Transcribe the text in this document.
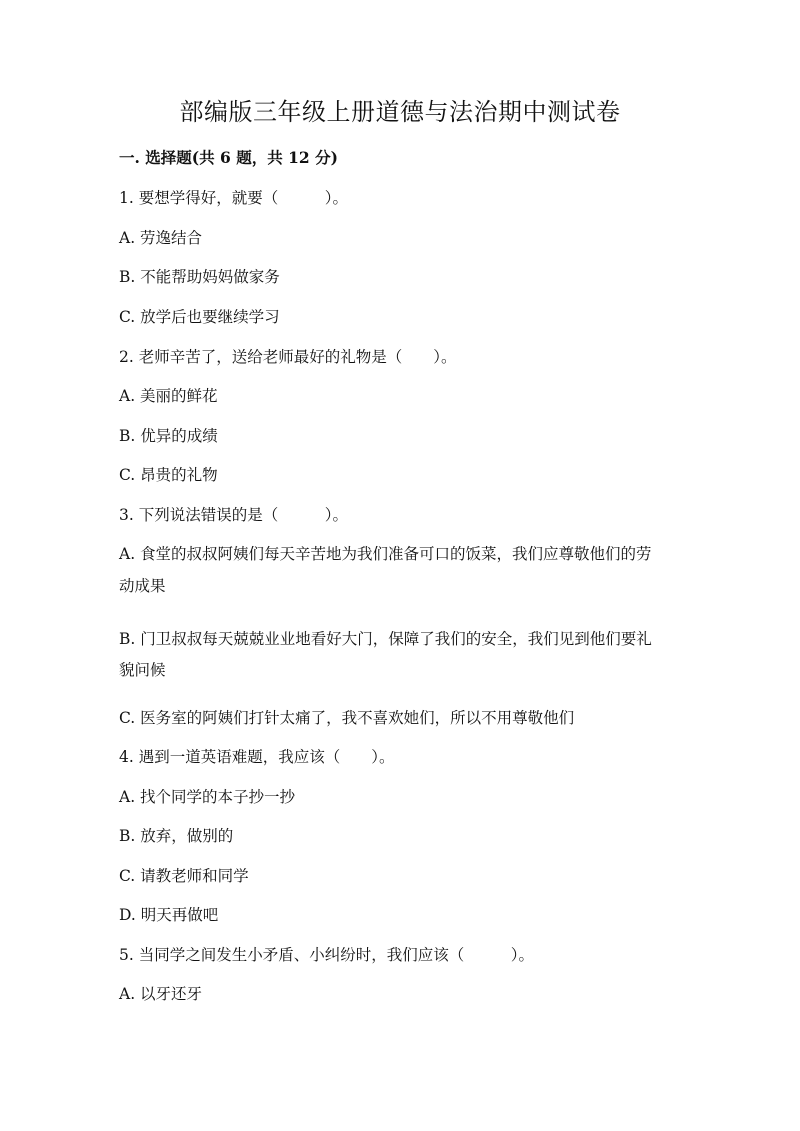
部编版三年级上册道德与法治期中测试卷
一. 选择题(共 6 题，共 12 分)
1. 要想学得好，就要（　　　）。
A. 劳逸结合
B. 不能帮助妈妈做家务
C. 放学后也要继续学习
2. 老师辛苦了，送给老师最好的礼物是（　　）。
A. 美丽的鲜花
B. 优异的成绩
C. 昂贵的礼物
3. 下列说法错误的是（　　　）。
A. 食堂的叔叔阿姨们每天辛苦地为我们准备可口的饭菜，我们应尊敬他们的劳
动成果
B. 门卫叔叔每天兢兢业业地看好大门，保障了我们的安全，我们见到他们要礼
貌问候
C. 医务室的阿姨们打针太痛了，我不喜欢她们，所以不用尊敬他们
4. 遇到一道英语难题，我应该（　　）。
A. 找个同学的本子抄一抄
B. 放弃，做别的
C. 请教老师和同学
D. 明天再做吧
5. 当同学之间发生小矛盾、小纠纷时，我们应该（　　　）。
A. 以牙还牙
